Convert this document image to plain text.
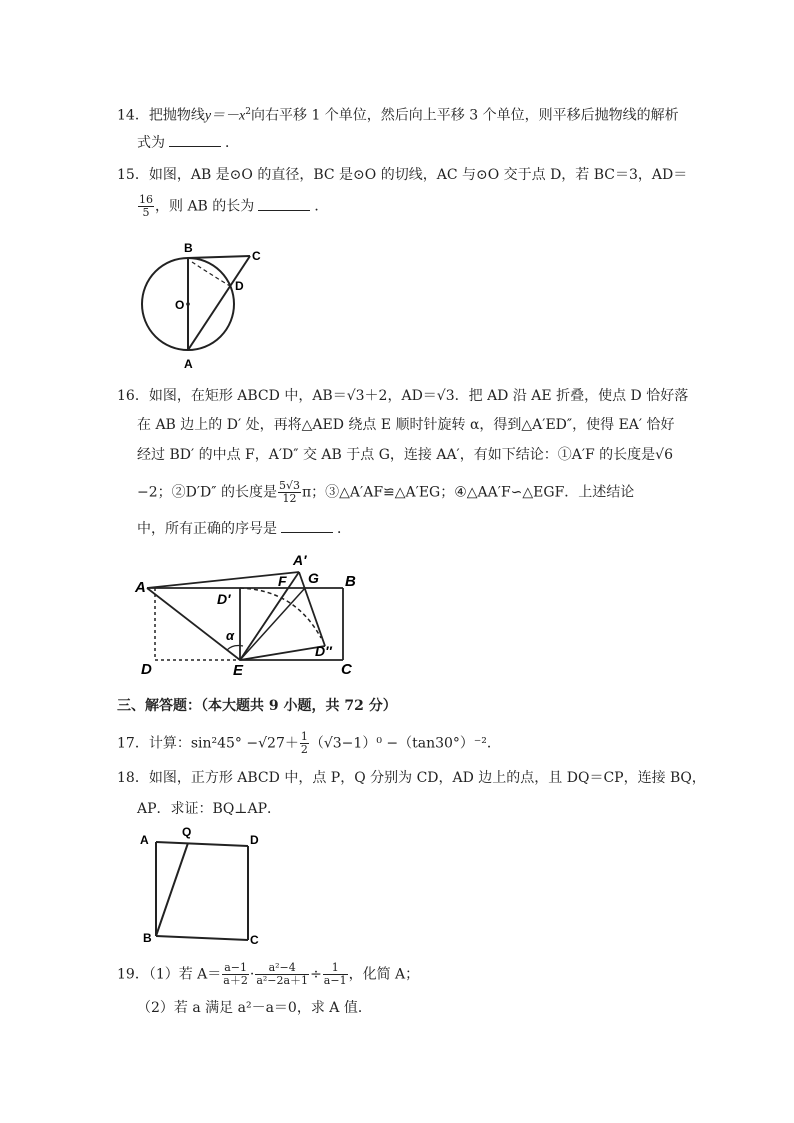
14．把抛物线$y=-x^2$向右平移 1 个单位，然后向上平移 3 个单位，则平移后抛物线的解析
式为	．
15．如图，AB 是⊙O 的直径，BC 是⊙O 的切线，AC 与⊙O 交于点 D，若 BC＝3，AD＝
$\frac{16}{5}$ ，则 AB 的长为	．
B
C
O
D
A
16．如图，在矩形 ABCD 中，AB＝√3＋2，AD＝√3．把 AD 沿 AE 折叠，使点 D 恰好落
在 AB 边上的 D′ 处，再将△AED 绕点 E 顺时针旋转 α，得到△A′ED″，使得 EA′ 恰好
经过 BD′ 的中点 F，A′D″ 交 AB 于点 G，连接 AA′，有如下结论：①A′F 的长度是√6
−2；②D′D″ 的长度是 $\frac{5√3}{12}$ π；③△A′AF≌△A′EG；④△AA′F∽△EGF．上述结论
中，所有正确的序号是	．
A	B
C
D	E
F G
A′
D′
D″
α
三、解答题：（本大题共 9 小题，共 72 分）
17．计算：$\sin^245^\circ -√27+ \frac{1}{2} (√3-1)^0 -(\tan 30^\circ)^{-2}$．
18．如图，正方形 ABCD 中，点 P，Q 分别为 CD，AD 边上的点，且 DQ＝CP，连接 BQ，
AP．求证：BQ⊥AP．
A
Q
D
B	C
19．（1）若 $A= \frac{a-1}{a+2} \cdot \frac{\text{a²−4}}{\text{a²−2a＋1}} \div \frac{1}{a-1}$ ，化简 A；
（2）若 a 满足 a²－a＝0，求 A 值．
